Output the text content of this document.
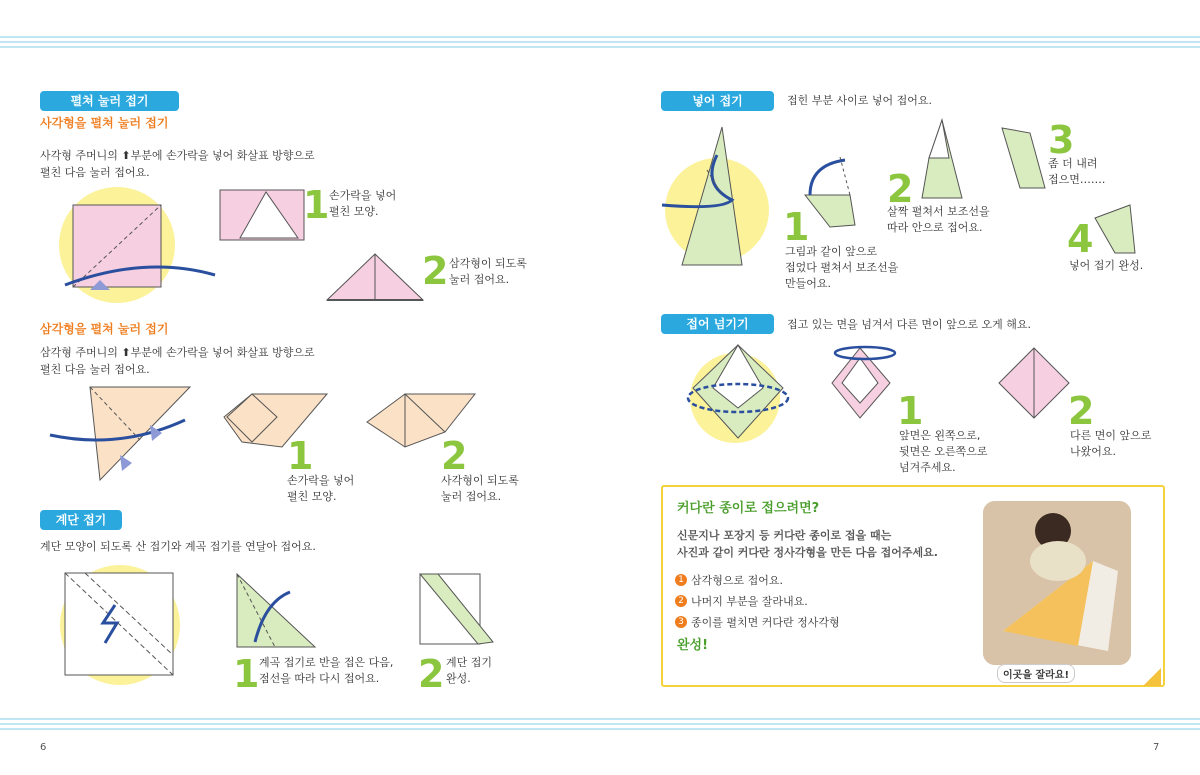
펼쳐 눌러 접기
사각형을 펼쳐 눌러 접기
사각형 주머니의 ⬆부분에 손가락을 넣어 화살표 방향으로
펼친 다음 눌러 접어요.
1 손가락을 넣어
펼친 모양.
2 삼각형이 되도록
눌러 접어요.
삼각형을 펼쳐 눌러 접기
삼각형 주머니의 ⬆부분에 손가락을 넣어 화살표 방향으로
펼친 다음 눌러 접어요.
1
손가락을 넣어
펼친 모양.
2
사각형이 되도록
눌러 접어요.
계단 접기
계단 모양이 되도록 산 접기와 계곡 접기를 연달아 접어요.
1 계곡 접기로 반을 접은 다음,
점선을 따라 다시 접어요.	2 계단 접기
완성.
6
넣어 접기	접힌 부분 사이로 넣어 접어요.
1
그림과 같이 앞으로
접었다 펼쳐서 보조선을
만들어요.
2
살짝 펼쳐서 보조선을
따라 안으로 접어요.
3
좀 더 내려
접으면…….
4
넣어 접기 완성.
접어 넘기기	접고 있는 면을 넘겨서 다른 면이 앞으로 오게 해요.
1
앞면은 왼쪽으로,
뒷면은 오른쪽으로
넘겨주세요.
2
다른 면이 앞으로
나왔어요.
커다란 종이로 접으려면?
신문지나 포장지 등 커다란 종이로 접을 때는
사진과 같이 커다란 정사각형을 만든 다음 접어주세요.
1 삼각형으로 접어요.
2 나머지 부분을 잘라내요.
3 종이를 펼치면 커다란 정사각형
완성!
이곳을 잘라요!
7
